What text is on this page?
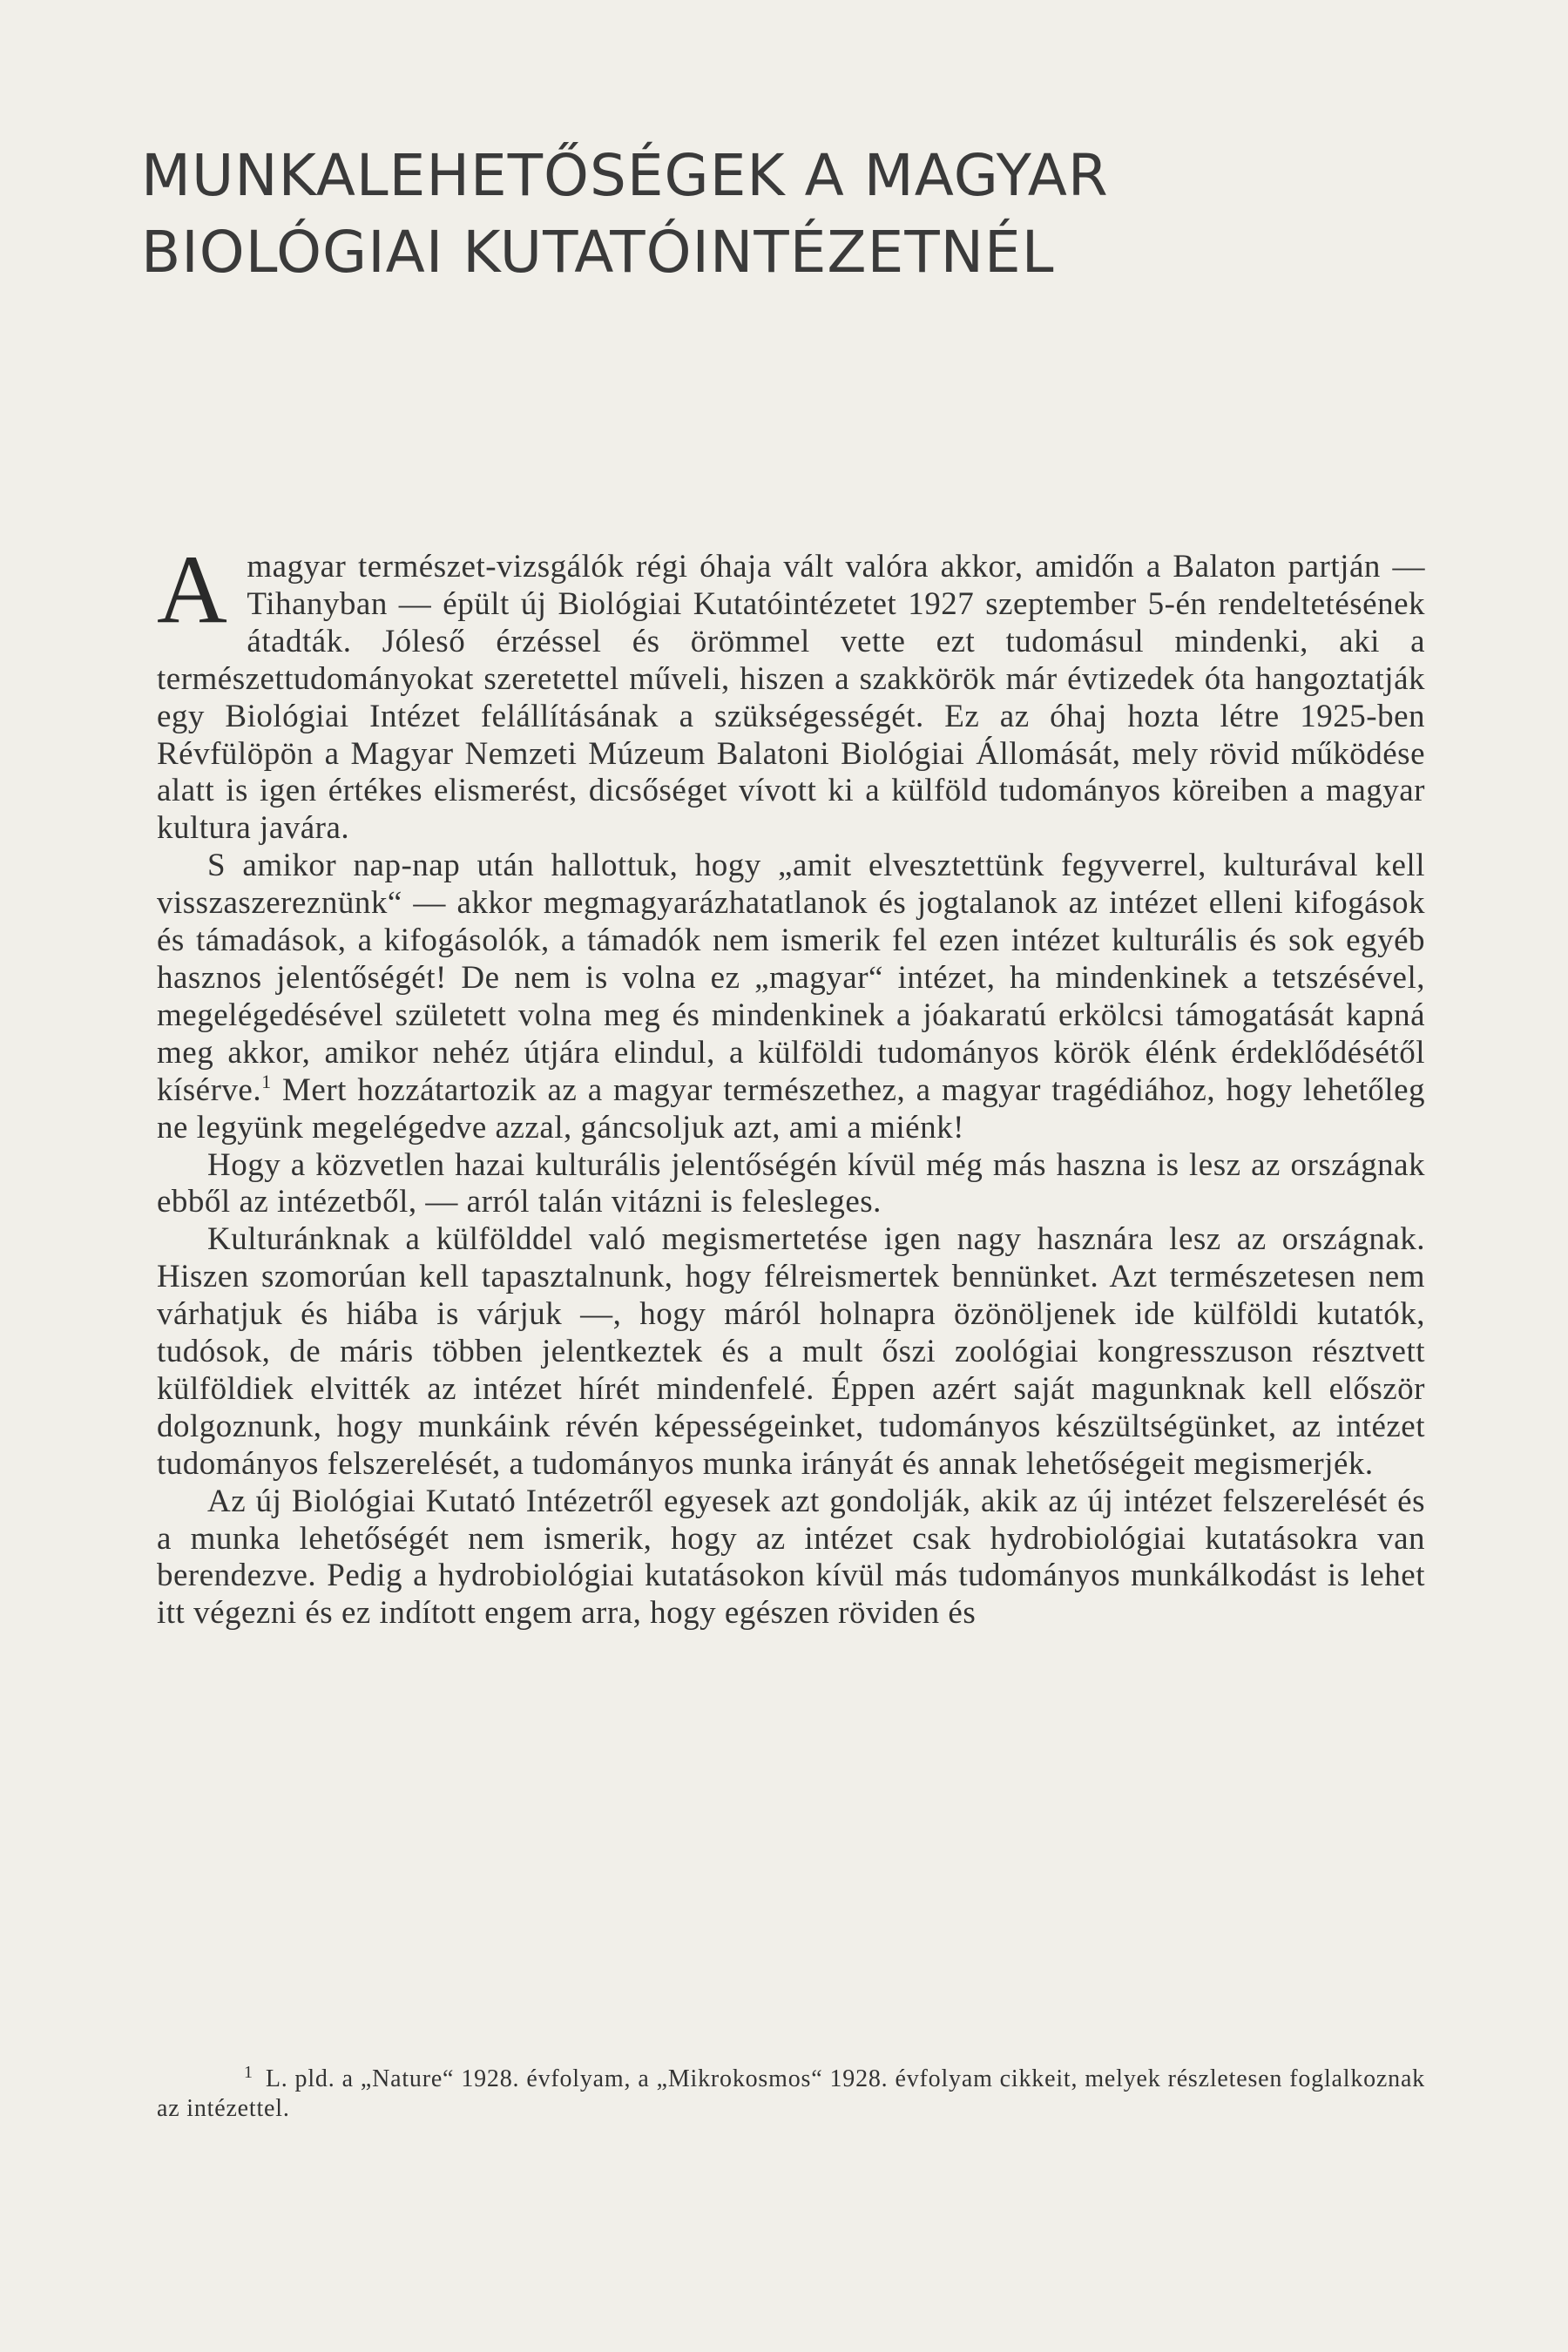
MUNKALEHETŐSÉGEK A MAGYAR
BIOLÓGIAI KUTATÓINTÉZETNÉL

Amagyar természet-vizsgálók régi óhaja vált valóra akkor, amidőn a Balaton partján — Tihanyban — épült új Biológiai Kutatóintézetet 1927 szeptember 5-én rendeltetésének átadták. Jóleső érzéssel és örömmel vette ezt tudomásul mindenki, aki a természettudományokat szeretettel műveli, hiszen a szakkörök már évtizedek óta hangoztatják egy Biológiai Intézet felállításának a szükségességét. Ez az óhaj hozta létre 1925-ben Révfülöpön a Magyar Nemzeti Múzeum Balatoni Biológiai Állomását, mely rövid működése alatt is igen értékes elismerést, dicsőséget vívott ki a külföld tudományos köreiben a magyar kultura javára.

S amikor nap-nap után hallottuk, hogy „amit elvesztettünk fegyverrel, kulturával kell visszaszereznünk“ — akkor megmagyarázhatatlanok és jogtalanok az intézet elleni kifogások és támadások, a kifogásolók, a támadók nem ismerik fel ezen intézet kulturális és sok egyéb hasznos jelentőségét! De nem is volna ez „magyar“ intézet, ha mindenkinek a tetszésével, megelégedésével született volna meg és mindenkinek a jóakaratú erkölcsi támogatását kapná meg akkor, amikor nehéz útjára elindul, a külföldi tudományos körök élénk érdeklődésétől kísérve.$^1$ Mert hozzátartozik az a magyar természethez, a magyar tragédiához, hogy lehetőleg ne legyünk megelégedve azzal, gáncsoljuk azt, ami a miénk!

Hogy a közvetlen hazai kulturális jelentőségén kívül még más haszna is lesz az országnak ebből az intézetből, — arról talán vitázni is felesleges.

Kulturánknak a külfölddel való megismertetése igen nagy hasznára lesz az országnak. Hiszen szomorúan kell tapasztalnunk, hogy félreismertek bennünket. Azt természetesen nem várhatjuk és hiába is várjuk —, hogy máról holnapra özönöljenek ide külföldi kutatók, tudósok, de máris többen jelentkeztek és a mult őszi zoológiai kongresszuson résztvett külföldiek elvitték az intézet hírét mindenfelé. Éppen azért saját magunknak kell először dolgoznunk, hogy munkáink révén képességeinket, tudományos készültségünket, az intézet tudományos felszerelését, a tudományos munka irányát és annak lehetőségeit megismerjék.

Az új Biológiai Kutató Intézetről egyesek azt gondolják, akik az új intézet felszerelését és a munka lehetőségét nem ismerik, hogy az intézet csak hydrobiológiai kutatásokra van berendezve. Pedig a hydrobiológiai kutatásokon kívül más tudományos munkálkodást is lehet itt végezni és ez indított engem arra, hogy egészen röviden és

$^1$ L. pld. a „Nature“ 1928. évfolyam, a „Mikrokosmos“ 1928. évfolyam cikkeit, melyek részletesen foglalkoznak az intézettel.
